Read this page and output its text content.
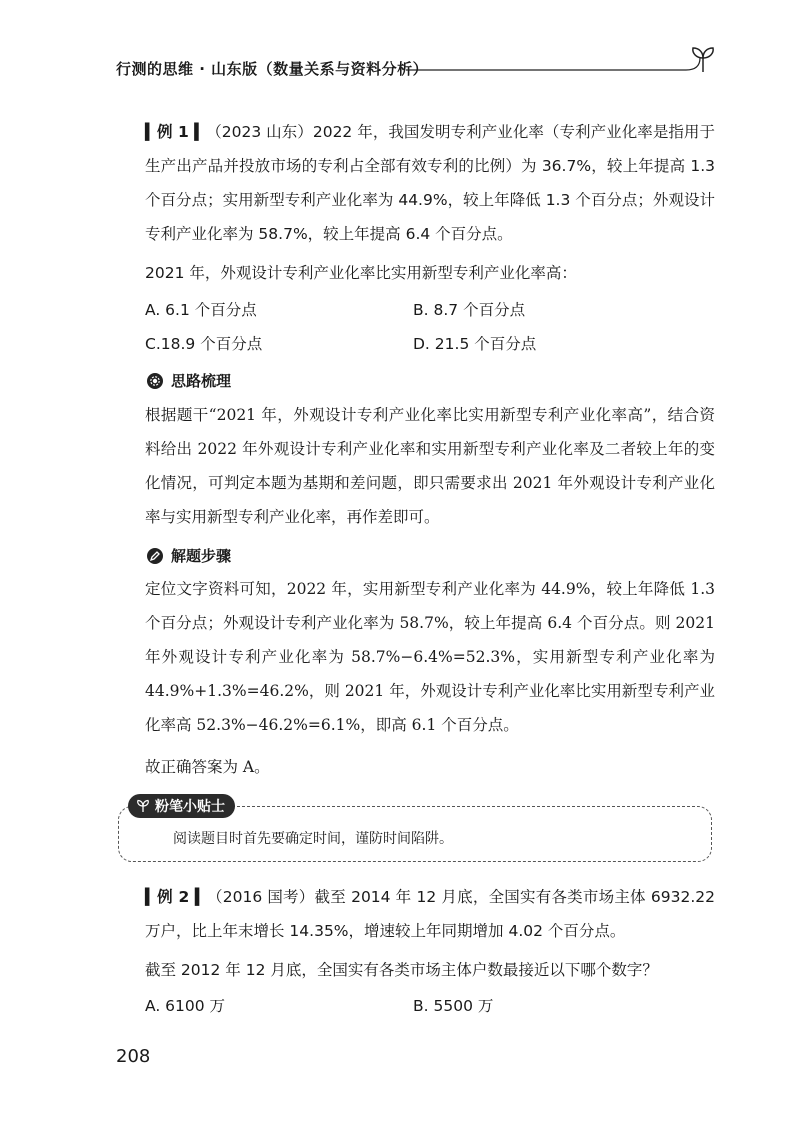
行测的思维 · 山东版（数量关系与资料分析）
▍例 1 ▍（2023 山东）2022 年，我国发明专利产业化率（专利产业化率是指用于生产出产品并投放市场的专利占全部有效专利的比例）为 36.7%，较上年提高 1.3 个百分点；实用新型专利产业化率为 44.9%，较上年降低 1.3 个百分点；外观设计专利产业化率为 58.7%，较上年提高 6.4 个百分点。
2021 年，外观设计专利产业化率比实用新型专利产业化率高：
A. 6.1 个百分点	B. 8.7 个百分点
C.18.9 个百分点	D. 21.5 个百分点
思路梳理
根据题干“2021 年，外观设计专利产业化率比实用新型专利产业化率高”，结合资料给出 2022 年外观设计专利产业化率和实用新型专利产业化率及二者较上年的变化情况，可判定本题为基期和差问题，即只需要求出 2021 年外观设计专利产业化率与实用新型专利产业化率，再作差即可。
解题步骤
定位文字资料可知，2022 年，实用新型专利产业化率为 44.9%，较上年降低 1.3 个百分点；外观设计专利产业化率为 58.7%，较上年提高 6.4 个百分点。则 2021 年外观设计专利产业化率为 58.7%−6.4%=52.3%，实用新型专利产业化率为 44.9%+1.3%=46.2%，则 2021 年，外观设计专利产业化率比实用新型专利产业化率高 52.3%−46.2%=6.1%，即高 6.1 个百分点。
故正确答案为 A。
粉笔小贴士
阅读题目时首先要确定时间，谨防时间陷阱。
▍例 2 ▍（2016 国考）截至 2014 年 12 月底，全国实有各类市场主体 6932.22 万户，比上年末增长 14.35%，增速较上年同期增加 4.02 个百分点。
截至 2012 年 12 月底，全国实有各类市场主体户数最接近以下哪个数字？
A. 6100 万	B. 5500 万
208
